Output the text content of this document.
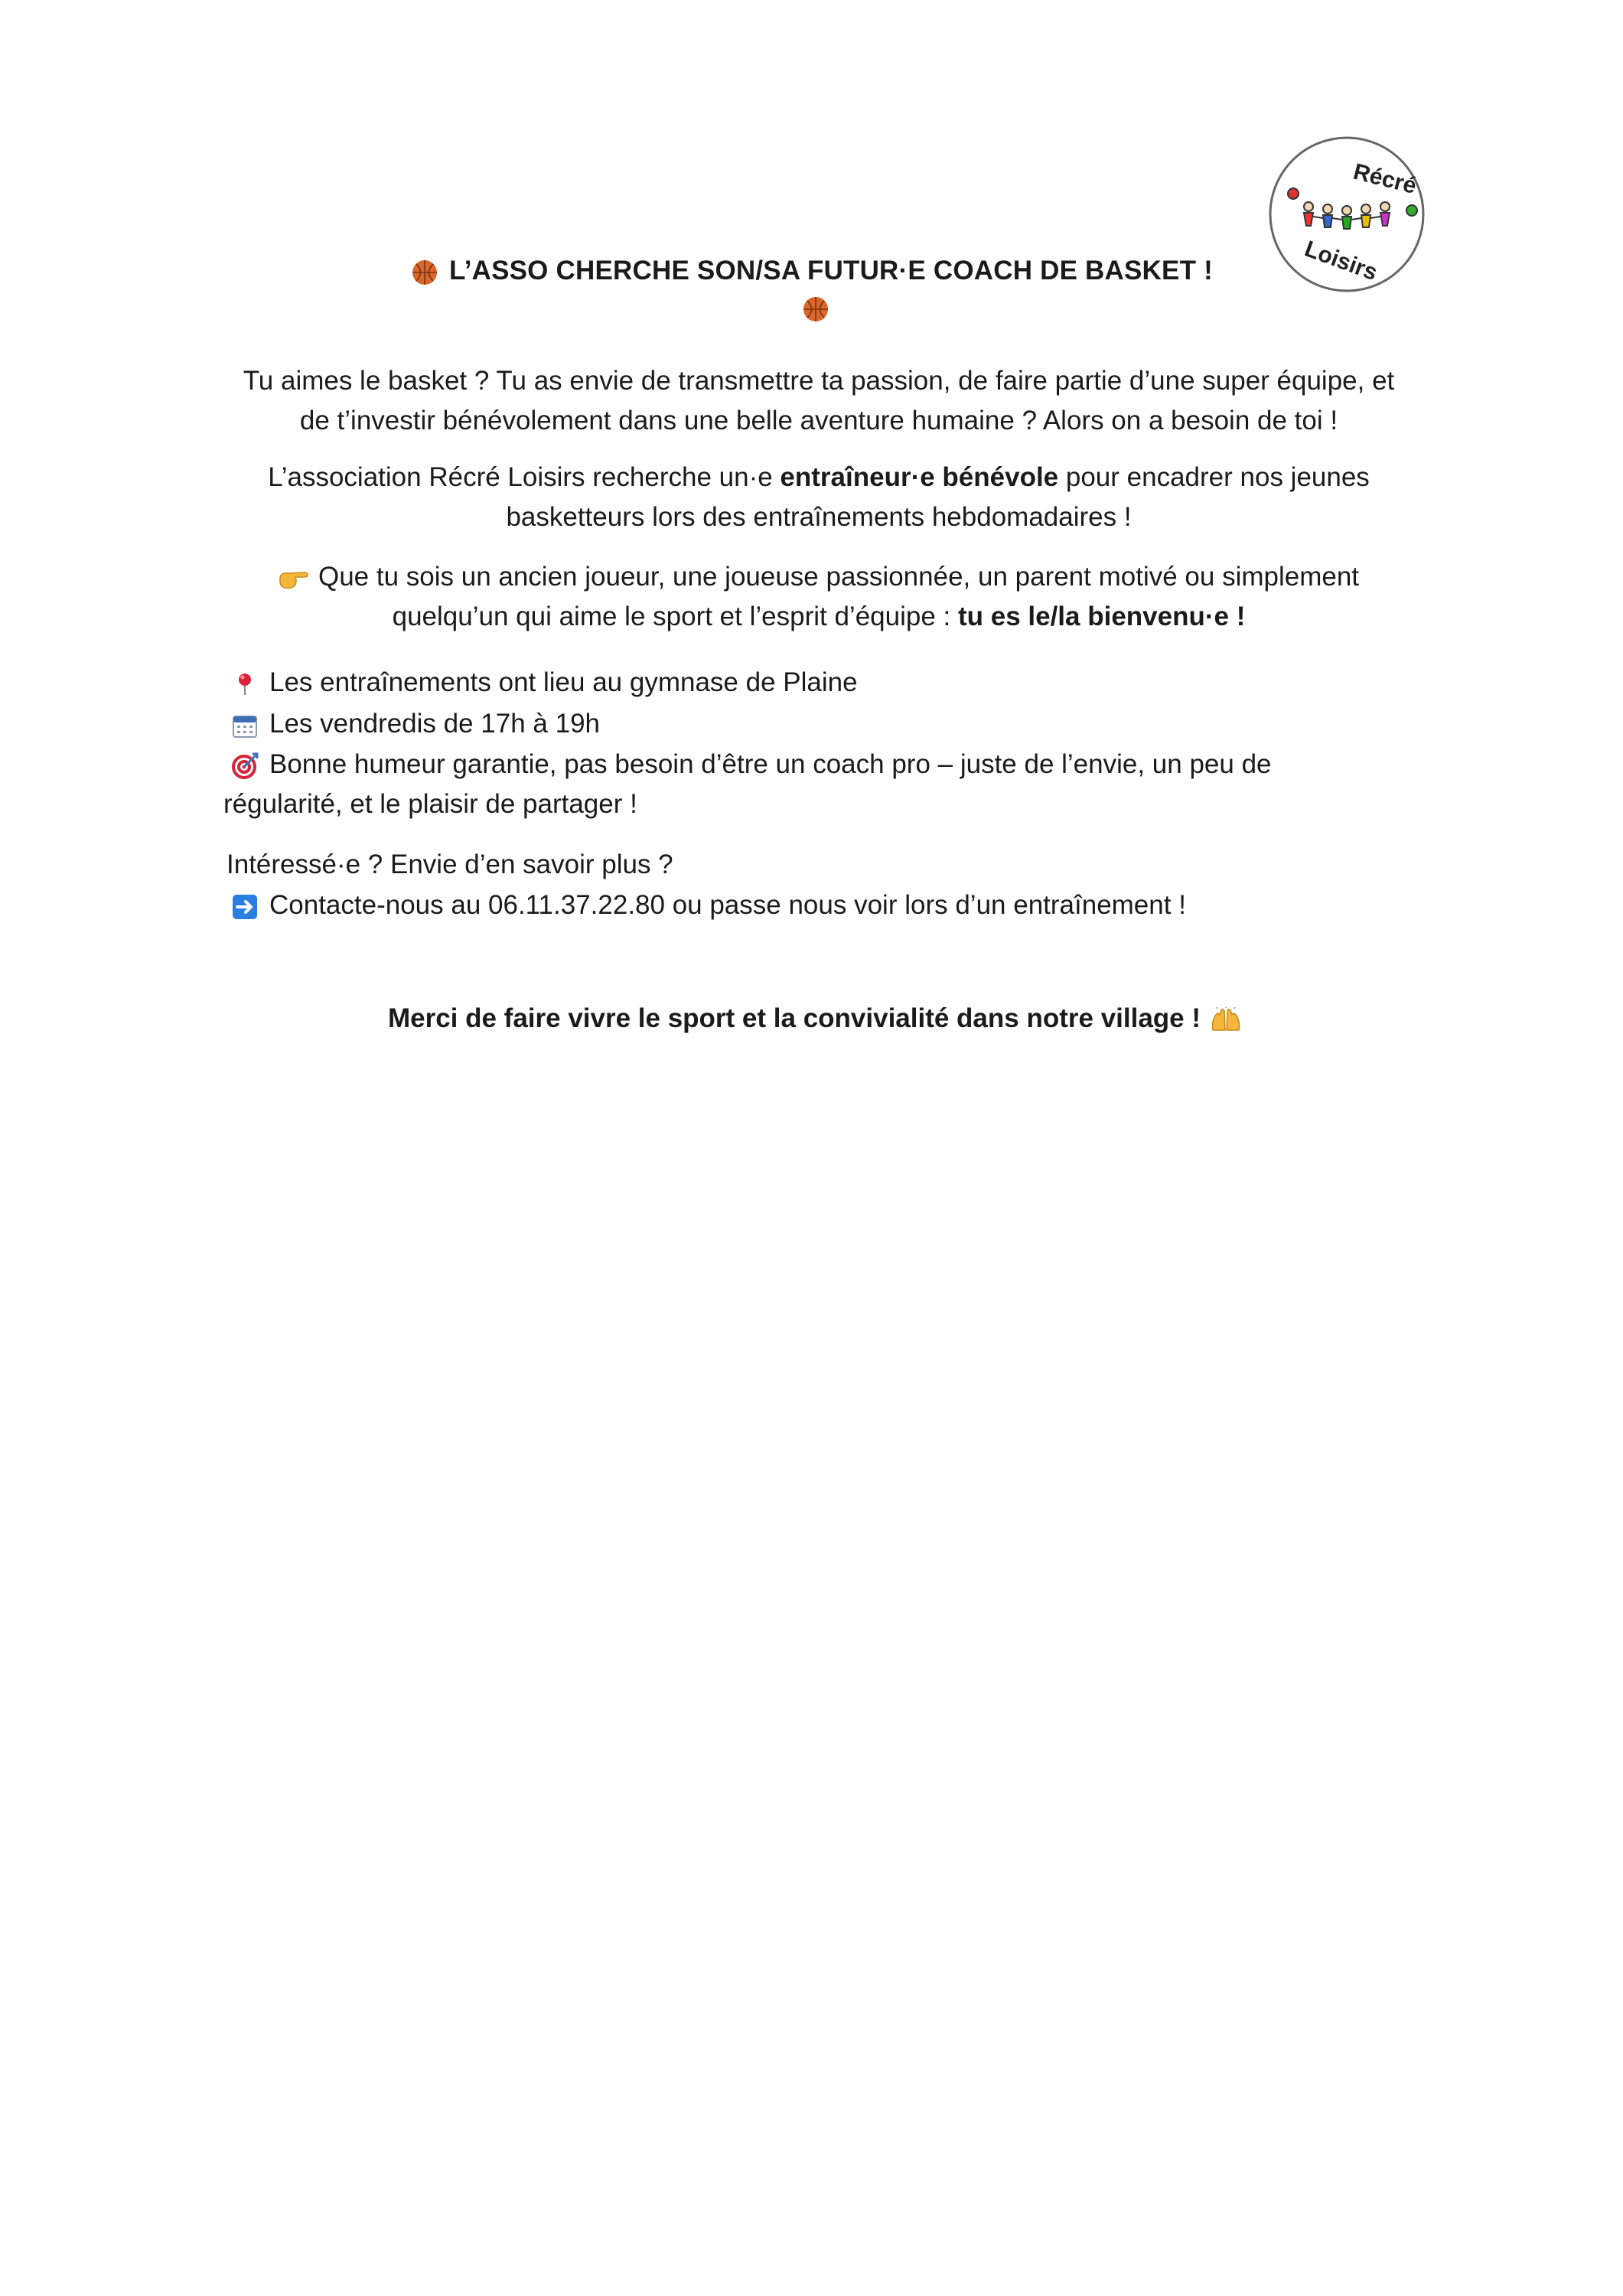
Récré
Loisirs
L’ASSO CHERCHE SON/SA FUTUR·E COACH DE BASKET !
Tu aimes le basket ? Tu as envie de transmettre ta passion, de faire partie d’une super équipe, et
de t’investir bénévolement dans une belle aventure humaine ? Alors on a besoin de toi !
L’association Récré Loisirs recherche un·e entraîneur·e bénévole pour encadrer nos jeunes
basketteurs lors des entraînements hebdomadaires !
Que tu sois un ancien joueur, une joueuse passionnée, un parent motivé ou simplement
quelqu’un qui aime le sport et l’esprit d’équipe : tu es le/la bienvenu·e !
Les entraînements ont lieu au gymnase de Plaine
Les vendredis de 17h à 19h
Bonne humeur garantie, pas besoin d’être un coach pro – juste de l’envie, un peu de
régularité, et le plaisir de partager !
Intéressé·e ? Envie d’en savoir plus ?
Contacte-nous au 06.11.37.22.80 ou passe nous voir lors d’un entraînement !
Merci de faire vivre le sport et la convivialité dans notre village !
